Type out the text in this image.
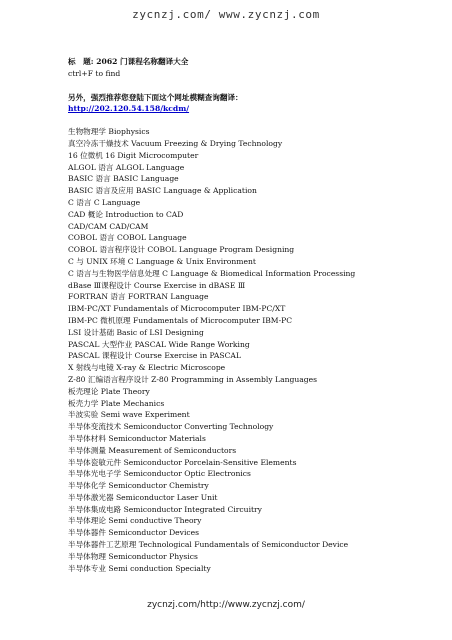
zycnzj.com/ www.zycnzj.com
标　题: 2062 门课程名称翻译大全
ctrl+F to find
另外，强烈推荐您登陆下面这个网址模糊查询翻译：
http://202.120.54.158/kcdm/
生物物理学 Biophysics
真空冷冻干燥技术 Vacuum Freezing & Drying Technology
16 位微机 16 Digit Microcomputer
ALGOL 语言 ALGOL Language
BASIC 语言 BASIC Language
BASIC 语言及应用 BASIC Language & Application
C 语言 C Language
CAD 概论 Introduction to CAD
CAD/CAM CAD/CAM
COBOL 语言 COBOL Language
COBOL 语言程序设计 COBOL Language Program Designing
C 与 UNIX 环境 C Language & Unix Environment
C 语言与生物医学信息处理 C Language & Biomedical Information Processing
dBase Ⅲ课程设计 Course Exercise in dBASE Ⅲ
FORTRAN 语言 FORTRAN Language
IBM-PC/XT Fundamentals of Microcomputer IBM-PC/XT
IBM-PC 微机原理 Fundamentals of Microcomputer IBM-PC
LSI 设计基础 Basic of LSI Designing
PASCAL 大型作业 PASCAL Wide Range Working
PASCAL 课程设计 Course Exercise in PASCAL
X 射线与电镜 X-ray & Electric Microscope
Z-80 汇编语言程序设计 Z-80 Programming in Assembly Languages
板壳理论 Plate Theory
板壳力学 Plate Mechanics
半波实验 Semi wave Experiment
半导体变流技术 Semiconductor Converting Technology
半导体材料 Semiconductor Materials
半导体测量 Measurement of Semiconductors
半导体瓷敏元件 Semiconductor Porcelain-Sensitive Elements
半导体光电子学 Semiconductor Optic Electronics
半导体化学 Semiconductor Chemistry
半导体激光器 Semiconductor Laser Unit
半导体集成电路 Semiconductor Integrated Circuitry
半导体理论 Semi conductive Theory
半导体器件 Semiconductor Devices
半导体器件工艺原理 Technological Fundamentals of Semiconductor Device
半导体物理 Semiconductor Physics
半导体专业 Semi conduction Specialty
zycnzj.com/http://www.zycnzj.com/
